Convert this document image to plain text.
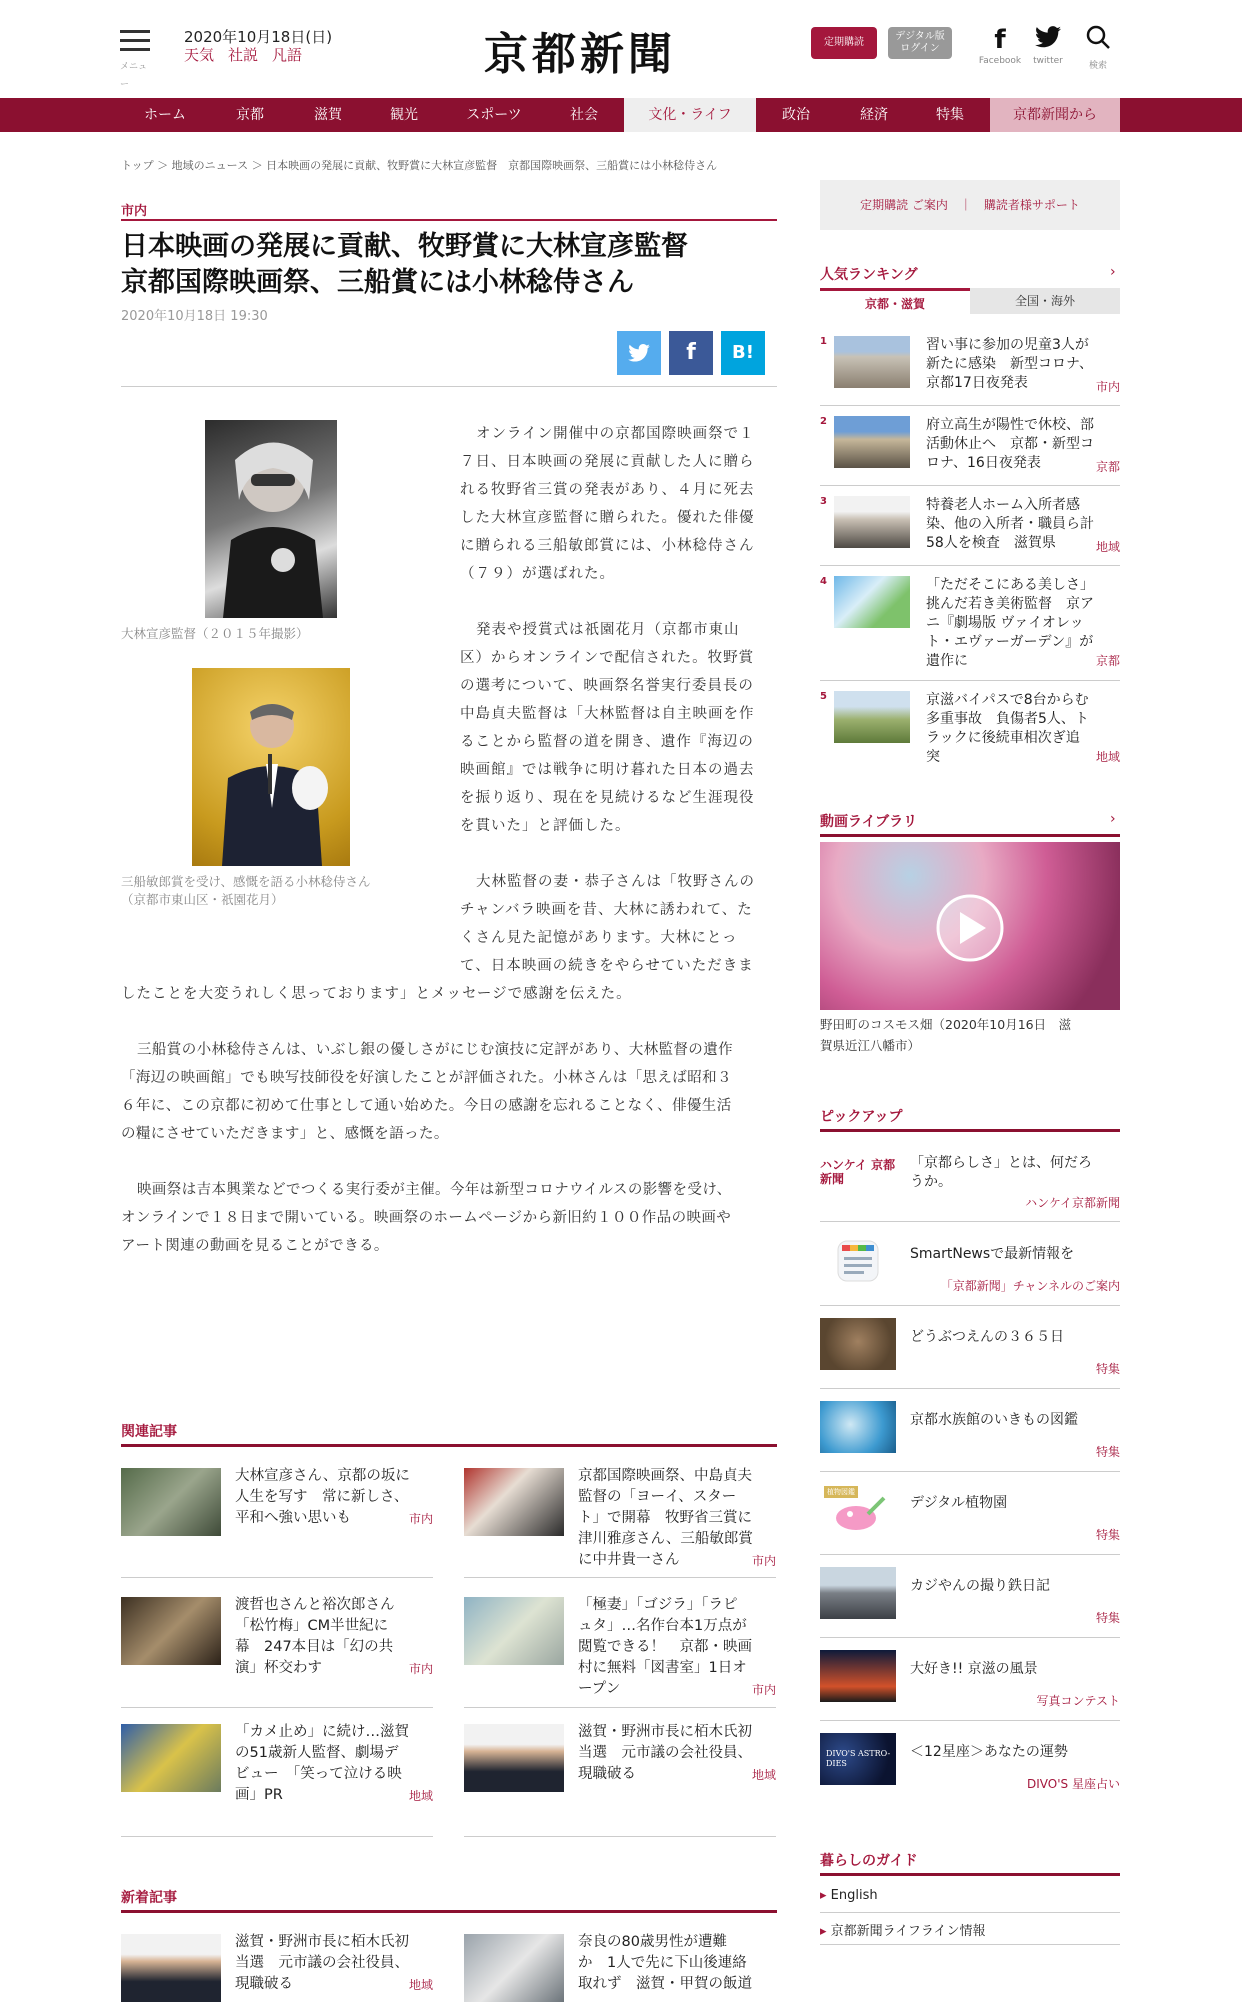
メニュー
2020年10月18日(日)
天気 社説 凡語	京都新聞	定期購読
デジタル版
ログイン	f
Facebook	twitter	検索
ホーム	京都	滋賀	観光	スポーツ	社会	文化・ライフ	政治	経済	特集	京都新聞から
トップ ＞ 地域のニュース ＞ 日本映画の発展に貢献、牧野賞に大林宣彦監督　京都国際映画祭、三船賞には小林稔侍さん
市内
日本映画の発展に貢献、牧野賞に大林宣彦監督
京都国際映画祭、三船賞には小林稔侍さん
2020年10月18日 19:30
f	B!
大林宣彦監督（２０１５年撮影）
三船敏郎賞を受け、感慨を語る小林稔侍さん
（京都市東山区・祇園花月）
オンライン開催中の京都国際映画祭で１
７日、日本映画の発展に貢献した人に贈ら
れる牧野省三賞の発表があり、４月に死去
した大林宣彦監督に贈られた。優れた俳優
に贈られる三船敏郎賞には、小林稔侍さん
（７９）が選ばれた。
発表や授賞式は祇園花月（京都市東山
区）からオンラインで配信された。牧野賞
の選考について、映画祭名誉実行委員長の
中島貞夫監督は「大林監督は自主映画を作
ることから監督の道を開き、遺作『海辺の
映画館』では戦争に明け暮れた日本の過去
を振り返り、現在を見続けるなど生涯現役
を貫いた」と評価した。
大林監督の妻・恭子さんは「牧野さんの
チャンバラ映画を昔、大林に誘われて、た
くさん見た記憶があります。大林にとっ
て、日本映画の続きをやらせていただきま
したことを大変うれしく思っております」とメッセージで感謝を伝えた。
三船賞の小林稔侍さんは、いぶし銀の優しさがにじむ演技に定評があり、大林監督の遺作
「海辺の映画館」でも映写技師役を好演したことが評価された。小林さんは「思えば昭和３
６年に、この京都に初めて仕事として通い始めた。今日の感謝を忘れることなく、俳優生活
の糧にさせていただきます」と、感慨を語った。
映画祭は吉本興業などでつくる実行委が主催。今年は新型コロナウイルスの影響を受け、
オンラインで１８日まで開いている。映画祭のホームページから新旧約１００作品の映画や
アート関連の動画を見ることができる。
関連記事
大林宣彦さん、京都の坂に
人生を写す　常に新しさ、
平和へ強い思いも	市内
京都国際映画祭、中島貞夫
監督の「ヨーイ、スター
ト」で開幕　牧野省三賞に
津川雅彦さん、三船敏郎賞
に中井貴一さん	市内
渡哲也さんと裕次郎さん
「松竹梅」CM半世紀に
幕　247本目は「幻の共
演」杯交わす	市内
「極妻」「ゴジラ」「ラピ
ュタ」…名作台本1万点が
閲覧できる！　京都・映画
村に無料「図書室」1日オ
ープン	市内
「カメ止め」に続け…滋賀
の51歳新人監督、劇場デ
ビュー　「笑って泣ける映
画」PR	地域
滋賀・野洲市長に栢木氏初
当選　元市議の会社役員、
現職破る	地域
新着記事
滋賀・野洲市長に栢木氏初
当選　元市議の会社役員、
現職破る	地域
奈良の80歳男性が遭難
か　1人で先に下山後連絡
取れず　滋賀・甲賀の飯道
定期購読 ご案内　｜　購読者様サポート
人気ランキング	›
京都・滋賀	全国・海外
1	習い事に参加の児童3人が
新たに感染　新型コロナ、
京都17日夜発表	市内
2	府立高生が陽性で休校、部
活動休止へ　京都・新型コ
ロナ、16日夜発表	京都
3	特養老人ホーム入所者感
染、他の入所者・職員ら計
58人を検査　滋賀県	地域
4	「ただそこにある美しさ」
挑んだ若き美術監督　京ア
ニ『劇場版 ヴァイオレッ
ト・エヴァーガーデン』が
遺作に	京都
5	京滋バイパスで8台からむ
多重事故　負傷者5人、ト
ラックに後続車相次ぎ追
突	地域
動画ライブラリ	›
野田町のコスモス畑（2020年10月16日　滋
賀県近江八幡市）
ピックアップ
ハンケイ 京都新聞
「京都らしさ」とは、何だろ
うか。
ハンケイ京都新聞
SmartNewsで最新情報を
「京都新聞」チャンネルのご案内
どうぶつえんの３６５日
特集
京都水族館のいきもの図鑑
特集
植物図鑑
デジタル植物園
特集
カジやんの撮り鉄日記
特集
大好き!! 京滋の風景
写真コンテスト
DIVO'S ASTRO-DIES
＜12星座＞あなたの運勢
DIVO'S 星座占い
暮らしのガイド
▸ English
▸ 京都新聞ライフライン情報
